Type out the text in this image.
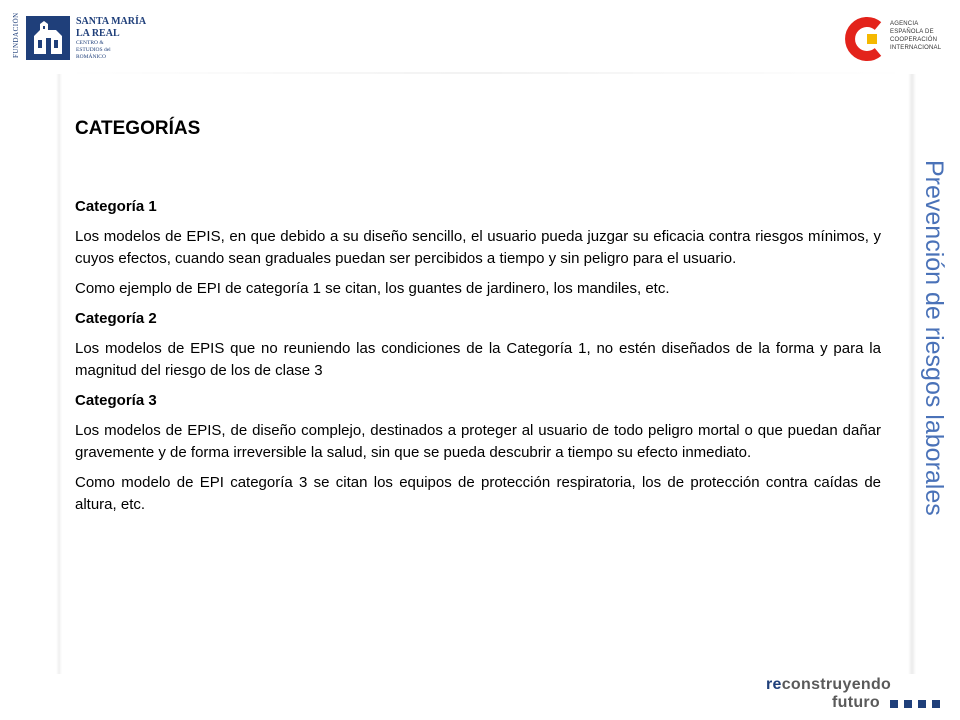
FUNDACIÓN	SANTA MARÍA
LA REAL
CENTRO &
ESTUDIOS del
ROMÁNICO
AGENCIA
ESPAÑOLA DE
COOPERACIÓN
INTERNACIONAL
Prevención de riesgos laborales
CATEGORÍAS
Categoría 1
Los modelos de EPIS, en que debido a su diseño sencillo, el usuario pueda juzgar su eficacia contra riesgos mínimos, y cuyos efectos, cuando sean graduales puedan ser percibidos a tiempo y sin peligro para el usuario.
Como ejemplo de EPI de categoría 1 se citan, los guantes de jardinero, los mandiles, etc.
Categoría 2
Los modelos de EPIS que no reuniendo las condiciones de la Categoría 1, no estén diseñados de la forma y para la magnitud del riesgo de los de clase 3
Categoría 3
Los modelos de EPIS, de diseño complejo, destinados a proteger al usuario de todo peligro mortal o que puedan dañar gravemente y de forma irreversible la salud, sin que se pueda descubrir a tiempo su efecto inmediato.
Como modelo de EPI categoría 3 se citan los equipos de protección respiratoria, los de protección contra caídas de altura, etc.
reconstruyendo
futuro
